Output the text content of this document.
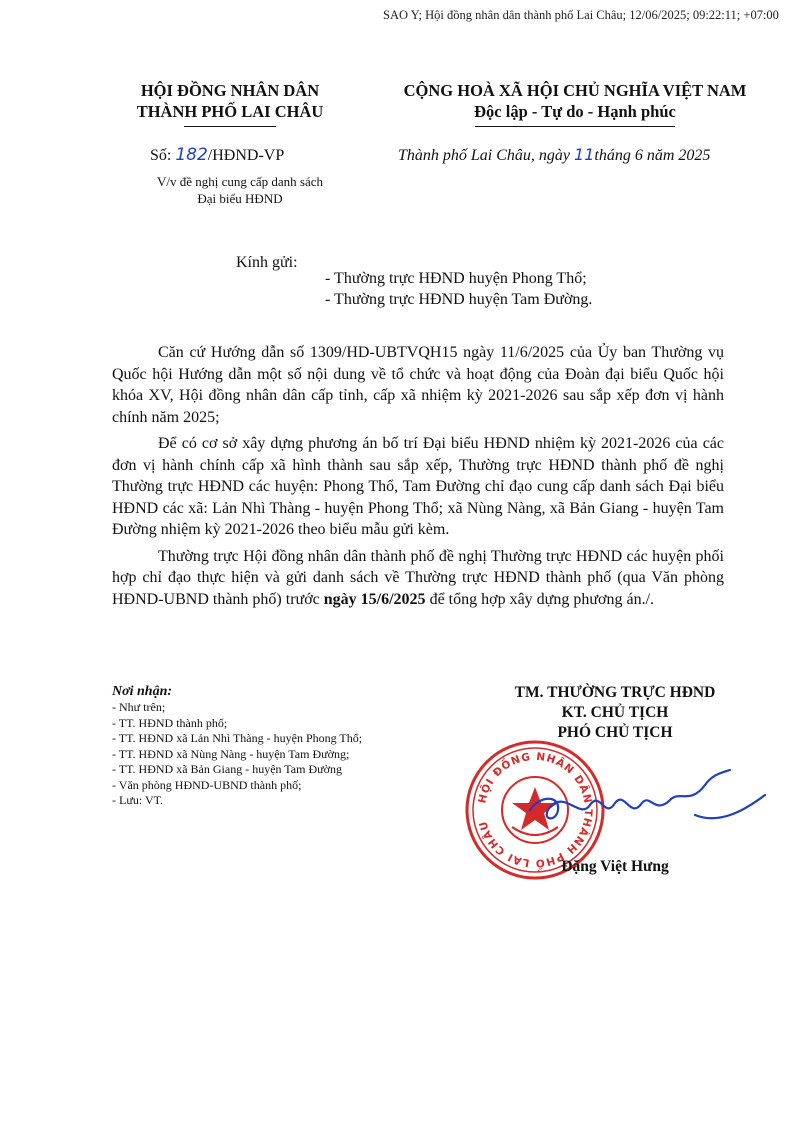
SAO Y; Hội đồng nhân dân thành phố Lai Châu; 12/06/2025; 09:22:11; +07:00
HỘI ĐỒNG NHÂN DÂN
THÀNH PHỐ LAI CHÂU
CỘNG HOÀ XÃ HỘI CHỦ NGHĨA VIỆT NAM
Độc lập - Tự do - Hạnh phúc
Số: 182/HĐND-VP
V/v đề nghị cung cấp danh sách
Đại biểu HĐND
Thành phố Lai Châu, ngày 11tháng 6 năm 2025
Kính gửi:
- Thường trực HĐND huyện Phong Thổ;
- Thường trực HĐND huyện Tam Đường.

Căn cứ Hướng dẫn số 1309/HD-UBTVQH15 ngày 11/6/2025 của Ủy ban Thường vụ Quốc hội Hướng dẫn một số nội dung về tổ chức và hoạt động của Đoàn đại biểu Quốc hội khóa XV, Hội đồng nhân dân cấp tỉnh, cấp xã nhiệm kỳ 2021-2026 sau sắp xếp đơn vị hành chính năm 2025;

Để có cơ sở xây dựng phương án bố trí Đại biểu HĐND nhiệm kỳ 2021-2026 của các đơn vị hành chính cấp xã hình thành sau sắp xếp, Thường trực HĐND thành phố đề nghị Thường trực HĐND các huyện: Phong Thổ, Tam Đường chỉ đạo cung cấp danh sách Đại biểu HĐND các xã: Lản Nhì Thàng - huyện Phong Thổ; xã Nùng Nàng, xã Bản Giang - huyện Tam Đường nhiệm kỳ 2021-2026 theo biểu mẫu gửi kèm.

Thường trực Hội đồng nhân dân thành phố đề nghị Thường trực HĐND các huyện phối hợp chỉ đạo thực hiện và gửi danh sách về Thường trực HĐND thành phố (qua Văn phòng HĐND-UBND thành phố) trước ngày 15/6/2025 để tổng hợp xây dựng phương án./.

Nơi nhận:
- Như trên;
- TT. HĐND thành phố;
- TT. HĐND xã Lản Nhì Thàng - huyện Phong Thổ;
- TT. HĐND xã Nùng Nàng - huyện Tam Đường;
- TT. HĐND xã Bản Giang - huyện Tam Đường
- Văn phòng HĐND-UBND thành phố;
- Lưu: VT.
TM. THƯỜNG TRỰC HĐND
KT. CHỦ TỊCH
PHÓ CHỦ TỊCH
HỘI ĐỒNG NHÂN DÂN THÀNH PHỐ LAI CHÂU
Đặng Việt Hưng
